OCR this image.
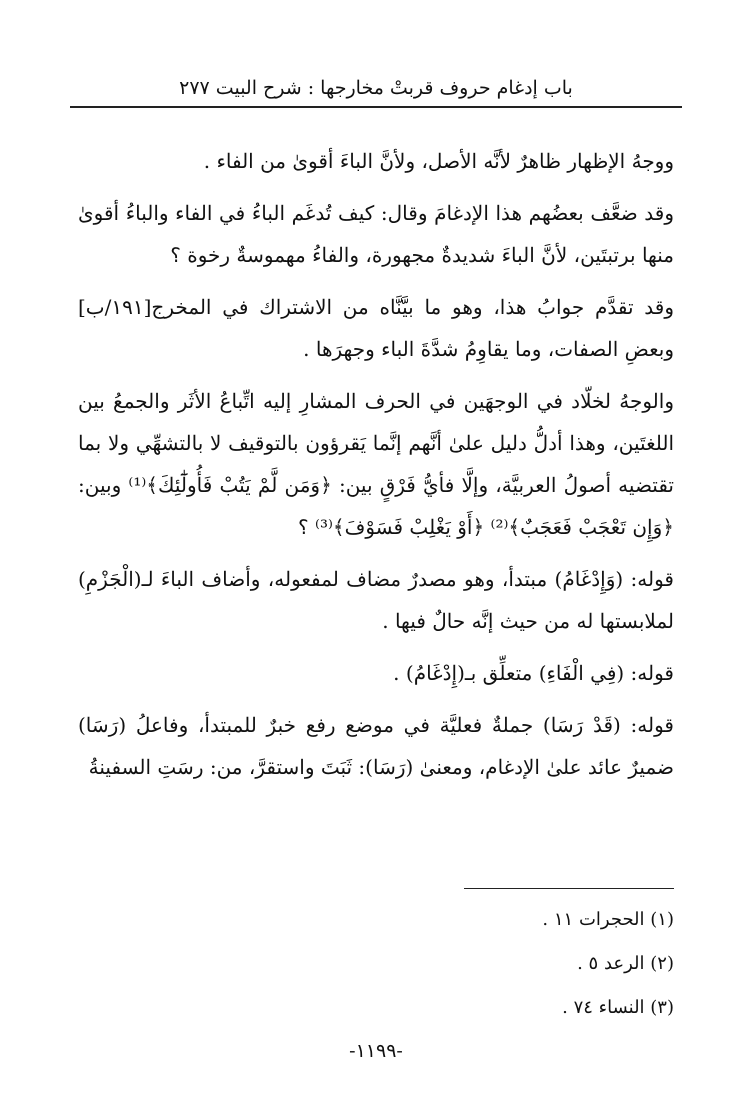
باب إدغام حروف قربتْ مخارجها : شرح البيت ٢٧٧

ووجهُ الإظهار ظاهرٌ لأنَّه الأصل، ولأنَّ الباءَ أقوىٰ من الفاء .

وقد ضعَّف بعضُهم هذا الإدغامَ وقال: كيف تُدغَم الباءُ في الفاء والباءُ أقوىٰ منها برتبتَين، لأنَّ الباءَ شديدةٌ مجهورة، والفاءُ مهموسةٌ رخوة ؟

وقد تقدَّم جوابُ هذا، وهو ما بيَّنَّاه من الاشتراك في المخرج[١٩١/ب] وبعضِ الصفات، وما يقاوِمُ شدَّةَ الباء وجهرَها .

والوجهُ لخلّاد في الوجهَين في الحرف المشارِ إليه اتِّباعُ الأثَر والجمعُ بين اللغتَين، وهذا أدلُّ دليل علىٰ أنَّهم إنَّما يَقرؤون بالتوقيف لا بالتشهِّي ولا بما تقتضيه أصولُ العربيَّة، وإلَّا فأيُّ فَرْقٍ بين: ﴿وَمَن لَّمْ يَتُبْ فَأُولَٰٓئِكَ﴾⁽¹⁾ وبين: ﴿وَإِن تَعْجَبْ فَعَجَبٌ﴾⁽²⁾ ﴿أَوْ يَغْلِبْ فَسَوْفَ﴾⁽³⁾ ؟

قوله: (وَإِدْغَامُ) مبتدأ، وهو مصدرٌ مضاف لمفعوله، وأضاف الباءَ لـ(الْجَزْمِ) لملابستها له من حيث إنَّه حالٌ فيها .

قوله: (فِي الْفَاءِ) متعلِّق بـ(إِدْغَامُ) .

قوله: (قَدْ رَسَا) جملةٌ فعليَّة في موضع رفع خبرٌ للمبتدأ، وفاعلُ (رَسَا) ضميرٌ عائد علىٰ الإدغام، ومعنىٰ (رَسَا): ثَبَتَ واستقرَّ، من: رسَتِ السفينةُ

(١) الحجرات ١١ .
(٢) الرعد ٥ .
(٣) النساء ٧٤ .
-١١٩٩-
